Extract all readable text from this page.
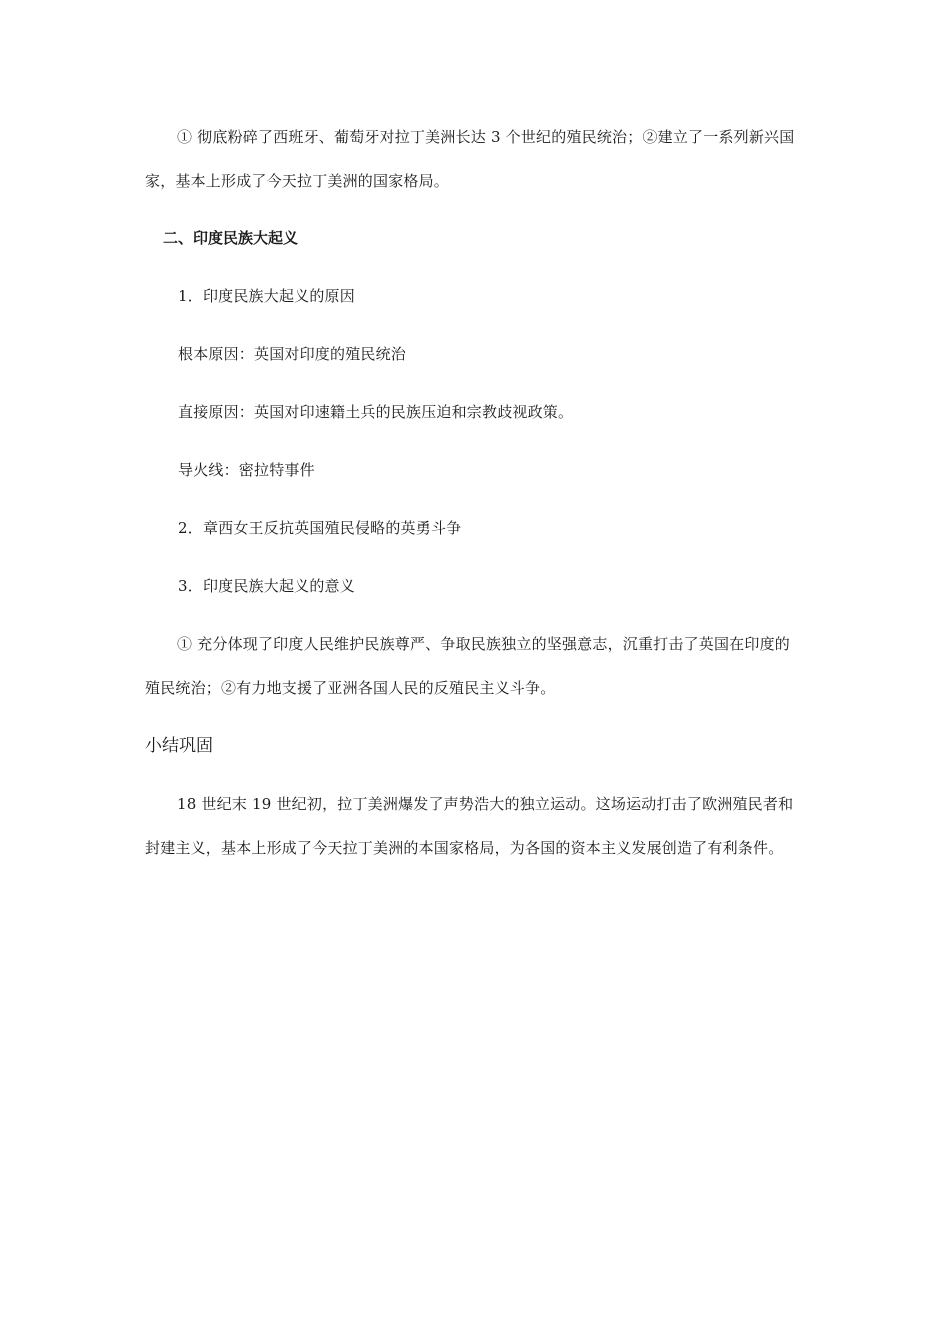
① 彻底粉碎了西班牙、葡萄牙对拉丁美洲长达 3 个世纪的殖民统治；②建立了一系列新兴国家，基本上形成了今天拉丁美洲的国家格局。

二、印度民族大起义

1．印度民族大起义的原因

根本原因：英国对印度的殖民统治

直接原因：英国对印速籍土兵的民族压迫和宗教歧视政策。

导火线：密拉特事件

2．章西女王反抗英国殖民侵略的英勇斗争

3．印度民族大起义的意义

① 充分体现了印度人民维护民族尊严、争取民族独立的坚强意志，沉重打击了英国在印度的殖民统治；②有力地支援了亚洲各国人民的反殖民主义斗争。

小结巩固

18 世纪末 19 世纪初，拉丁美洲爆发了声势浩大的独立运动。这场运动打击了欧洲殖民者和封建主义，基本上形成了今天拉丁美洲的本国家格局，为各国的资本主义发展创造了有利条件。
